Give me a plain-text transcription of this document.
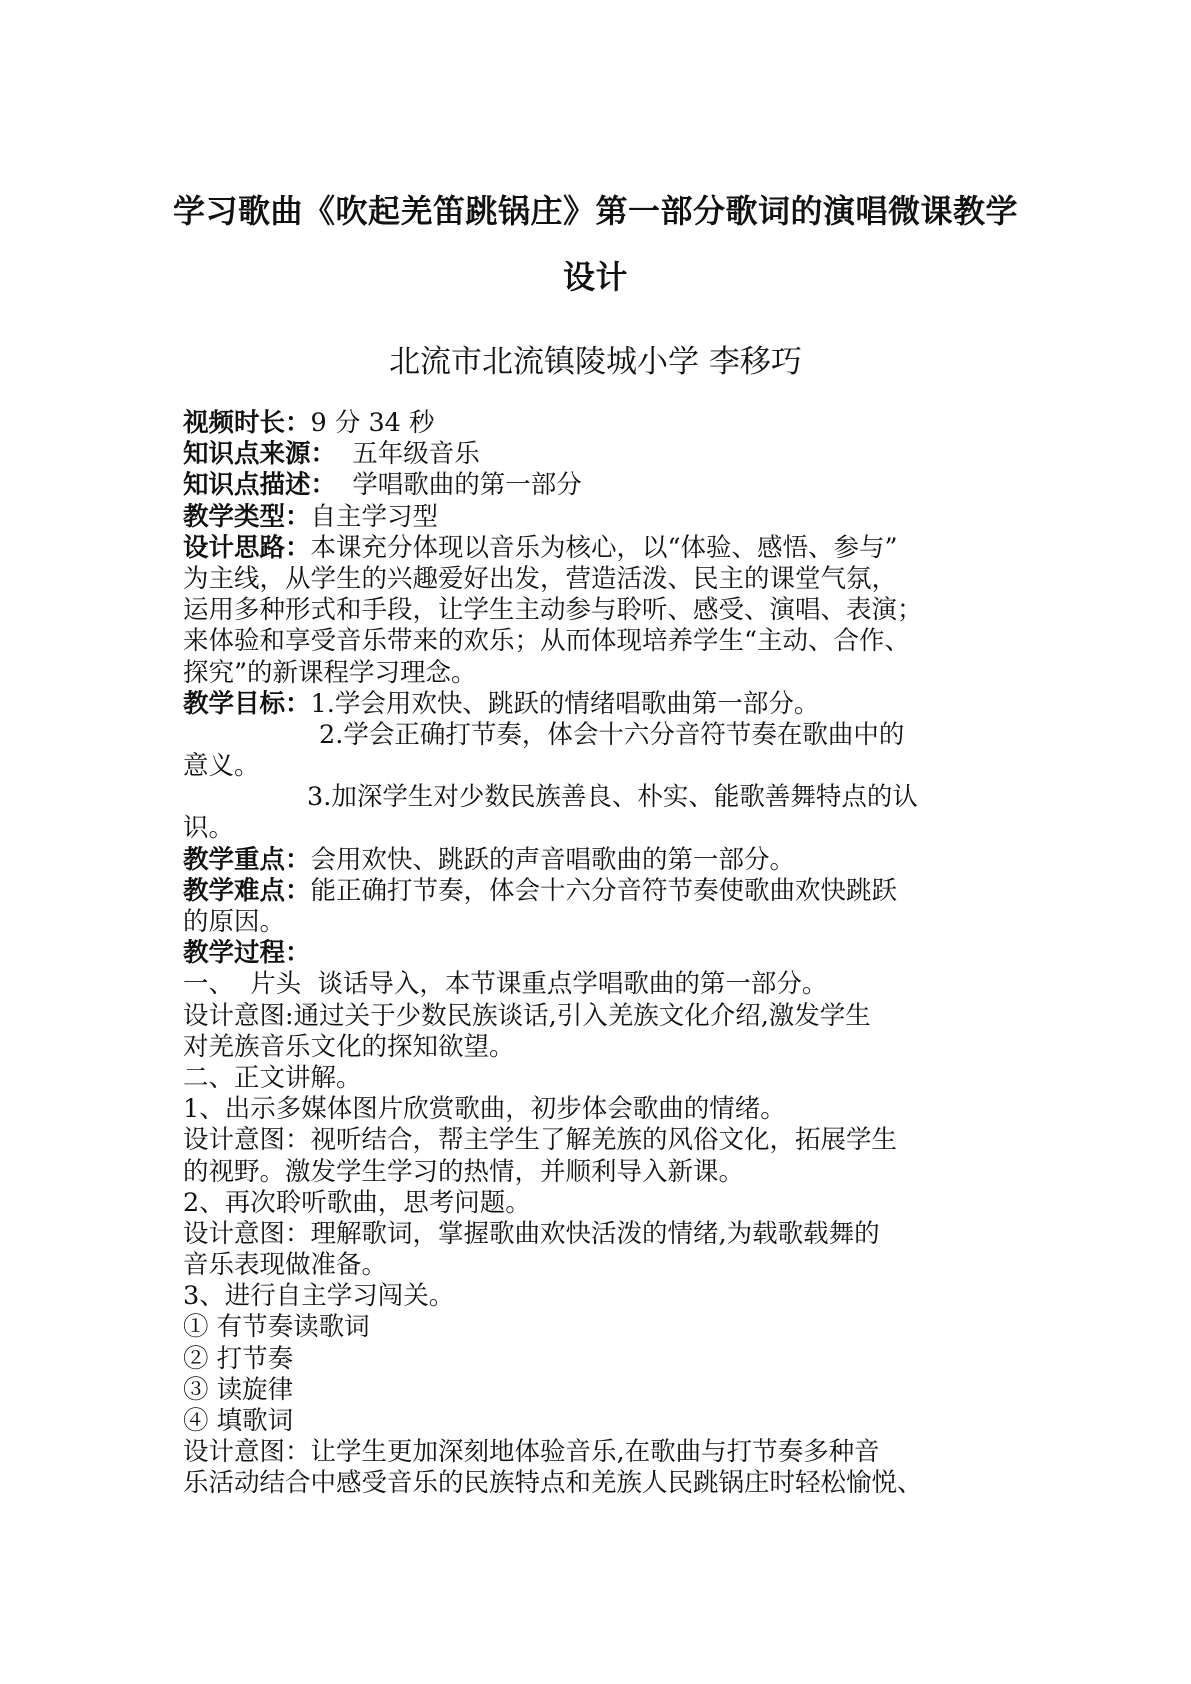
学习歌曲《吹起羌笛跳锅庄》第一部分歌词的演唱微课教学
设计

北流市北流镇陵城小学 李移巧

视频时长：9 分 34 秒
知识点来源：  五年级音乐
知识点描述：  学唱歌曲的第一部分
教学类型：自主学习型
设计思路：本课充分体现以音乐为核心，以“体验、感悟、参与”
为主线，从学生的兴趣爱好出发，营造活泼、民主的课堂气氛，
运用多种形式和手段，让学生主动参与聆听、感受、演唱、表演；
来体验和享受音乐带来的欢乐；从而体现培养学生“主动、合作、
探究”的新课程学习理念。
教学目标：1.学会用欢快、跳跃的情绪唱歌曲第一部分。
2.学会正确打节奏，体会十六分音符节奏在歌曲中的
意义。
3.加深学生对少数民族善良、朴实、能歌善舞特点的认
识。
教学重点：会用欢快、跳跃的声音唱歌曲的第一部分。
教学难点：能正确打节奏，体会十六分音符节奏使歌曲欢快跳跃
的原因。
教学过程：
一、  片头  谈话导入，本节课重点学唱歌曲的第一部分。
设计意图:通过关于少数民族谈话,引入羌族文化介绍,激发学生
对羌族音乐文化的探知欲望。
二、正文讲解。
1、出示多媒体图片欣赏歌曲，初步体会歌曲的情绪。
设计意图：视听结合，帮主学生了解羌族的风俗文化，拓展学生
的视野。激发学生学习的热情，并顺利导入新课。
2、再次聆听歌曲，思考问题。
设计意图：理解歌词，掌握歌曲欢快活泼的情绪,为载歌载舞的
音乐表现做准备。
3、进行自主学习闯关。
① 有节奏读歌词
② 打节奏
③ 读旋律
④ 填歌词
设计意图：让学生更加深刻地体验音乐,在歌曲与打节奏多种音
乐活动结合中感受音乐的民族特点和羌族人民跳锅庄时轻松愉悦、
